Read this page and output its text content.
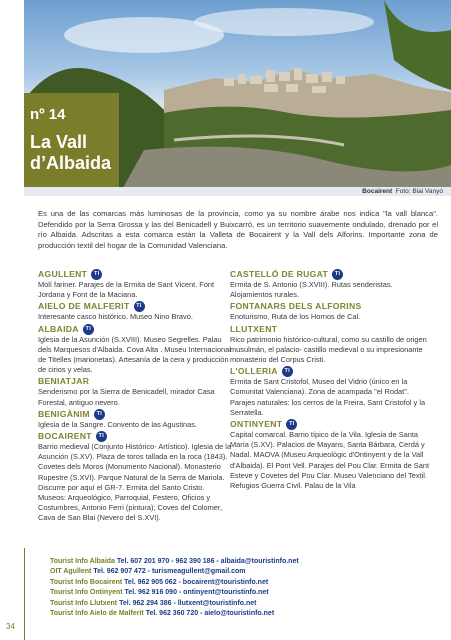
nº 14
La Vall
d’Albaida
Bocairent Foto: Blai Vanyó
Es una de las comarcas más luminosas de la provincia, como ya su nombre árabe nos indica "la vall blanca". Defendido por la Serra Grossa y las del Benicadell y Buixcarró, es un territorio suavemente ondulado, drenado por el río Albaida. Adscritas a esta comarca están la Valleta de Bocairent y la Vall dels Alforins. Importante zona de producción textil del hogar de la Comunidad Valenciana.
AGULLENT	TI

Molí fariner. Parajes de la Ermita de Sant Vicent. Font Jordana y Font de la Maciana.

AIELO DE MALFERIT	TI

Interesante casco histórico. Museo Nino Bravo.

ALBAIDA	TI

Iglesia de la Asunción (S.XVIII). Museo Segrelles. Palau dels Marquesos d'Albaida. Cova Alta . Museu Internacional de Titelles (marionetas). Artesanía de la cera y producción de cirios y velas.

BENIATJAR

Senderismo por la Sierra de Benicadell, mirador Casa Forestal, antiguo nevero.

BENIGÀNIM	TI

Iglesia de la Sangre. Convento de las Agustinas.

BOCAIRENT	TI

Barrio medieval (Conjunto Histórico- Artístico). Iglesia de la Asunción (S.XV). Plaza de toros tallada en la roca (1843). Covetes dels Moros (Monumento Nacional). Monasterio Rupestre (S.XVI). Parque Natural de la Serra de Mariola. Discurre por aquí el GR-7. Ermita del Santo Cristo. Museos: Arqueológico, Parroquial, Festero, Oficios y Costumbres, Antonio Ferri (pintura); Coves del Colomer, Cava de San Blai (Nevero del S.XVI).

CASTELLÓ DE RUGAT	TI

Ermita de S. Antonio (S.XVIII). Rutas senderistas. Alojamientos rurales.

FONTANARS DELS ALFORINS

Enoturismo, Ruta de los Hornos de Cal.

LLUTXENT

Rico patrimonio histórico-cultural, como su castillo de origen musulmán, el palacio- castillo medieval o su impresionante monasterio del Corpus Cristi.

L'OLLERIA	TI

Ermita de Sant Cristofol, Museo del Vidrio (único en la Comunitat Valenciana). Zona de acampada "el Rodat". Parajes naturales: los cerros de la Freira, Sant Cristofol y la Serratella.

ONTINYENT	TI

Capital comarcal. Barrio típico de la Vila. Iglesia de Santa María (S.XV). Palacios de Mayans, Santa Bárbara, Cerdá y Nadal. MAOVA (Museu Arqueològic d'Ontinyent y de la Vall d'Albaida). El Pont Vell. Parajes del Pou Clar. Ermita de Sant Esteve y Covetes del Pou Clar. Museu Valenciano del Textil. Refugios Guerra Civil. Palau de la Vila

Tourist Info Albaida Tel. 607 201 970 - 962 390 186 - albaida@touristinfo.net
OIT Agullent Tel. 962 907 472 - turismeagullent@gmail.com
Tourist Info Bocairent Tel. 962 905 062 - bocairent@touristinfo.net
Tourist Info Ontinyent Tel. 962 916 090 - ontinyent@touristinfo.net
Tourist Info Llutxent Tel. 962 294 386 - llutxent@touristinfo.net
Tourist Info Aielo de Malferit Tel. 962 360 720 - aielo@touristinfo.net
34
